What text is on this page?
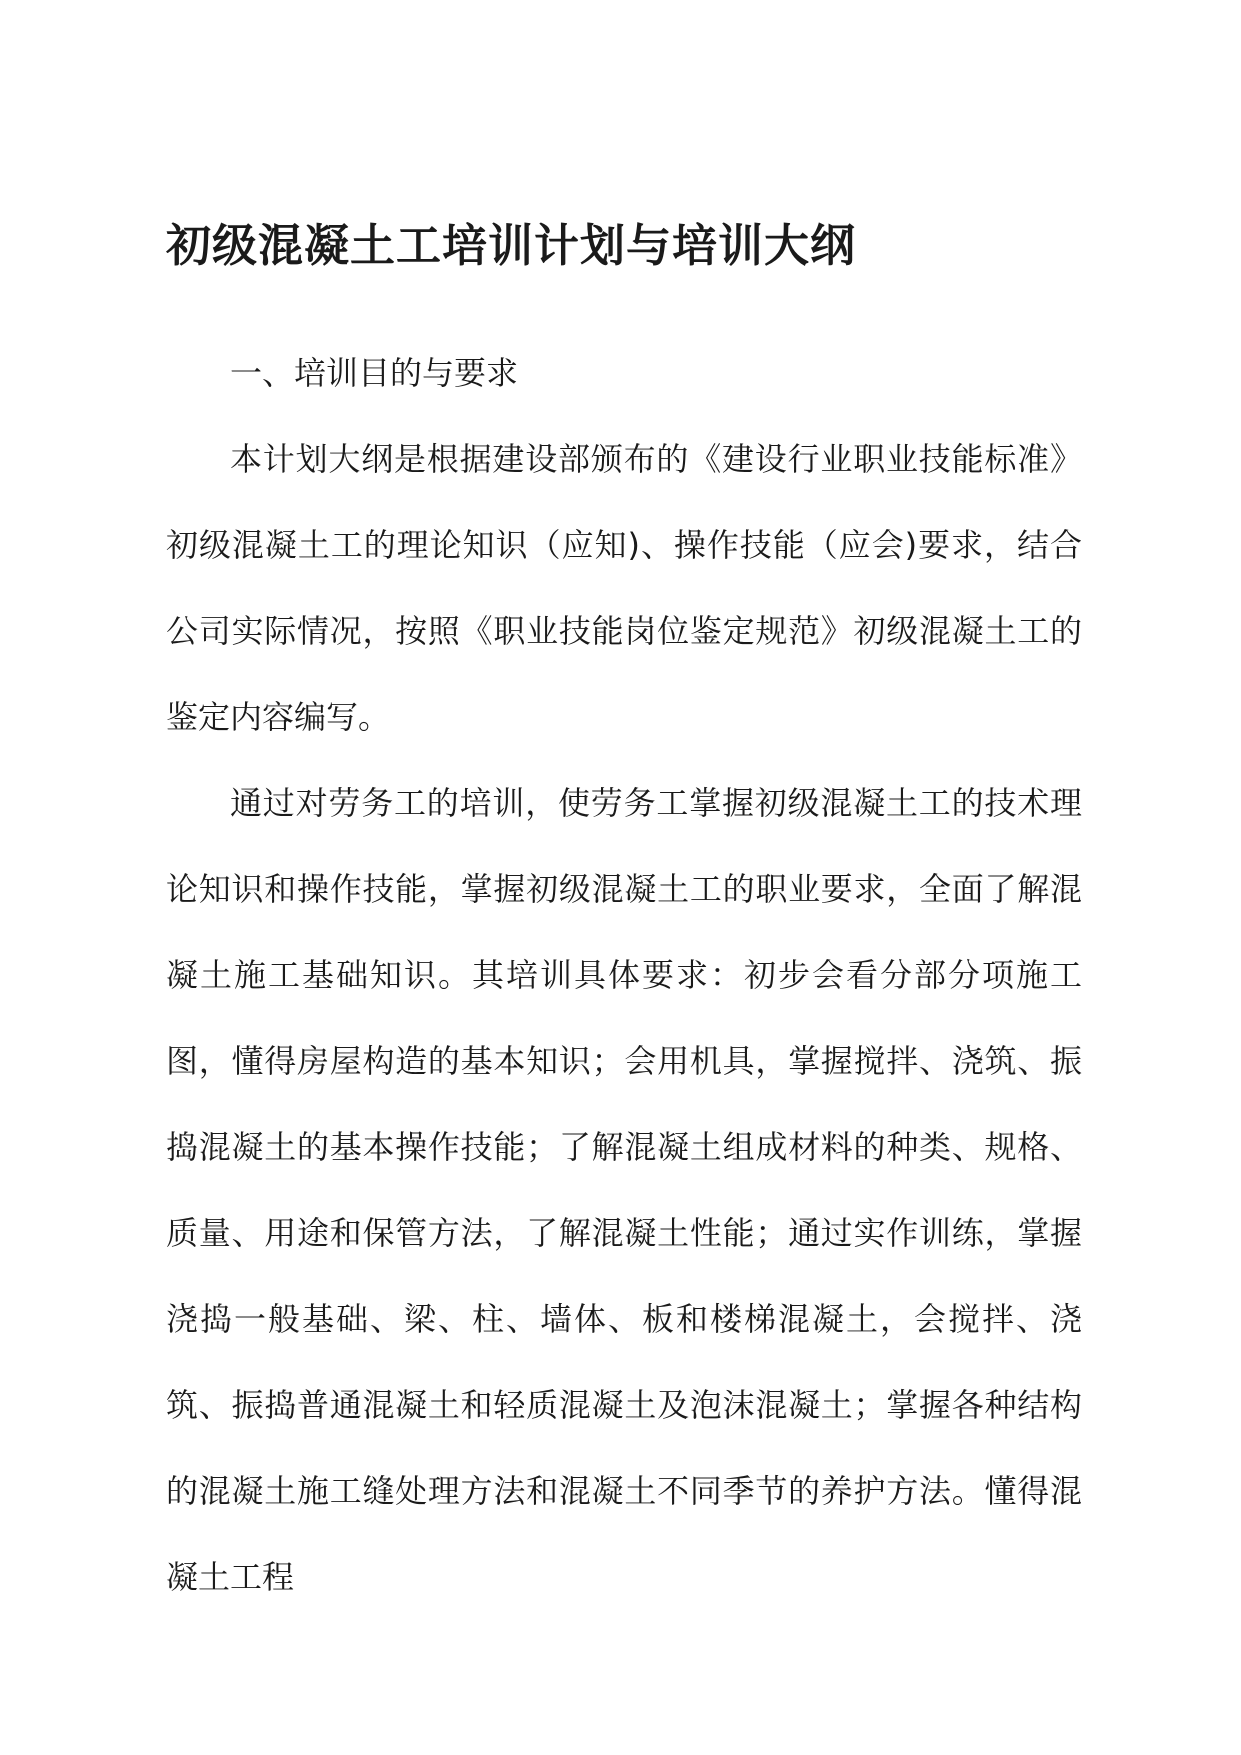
初级混凝土工培训计划与培训大纲
一、培训目的与要求

本计划大纲是根据建设部颁布的《建设行业职业技能标准》初级混凝土工的理论知识（应知)、操作技能（应会)要求，结合公司实际情况，按照《职业技能岗位鉴定规范》初级混凝土工的鉴定内容编写。

通过对劳务工的培训，使劳务工掌握初级混凝土工的技术理论知识和操作技能，掌握初级混凝土工的职业要求，全面了解混凝土施工基础知识。其培训具体要求：初步会看分部分项施工图，懂得房屋构造的基本知识；会用机具，掌握搅拌、浇筑、振捣混凝土的基本操作技能；了解混凝土组成材料的种类、规格、质量、用途和保管方法，了解混凝土性能；通过实作训练，掌握浇捣一般基础、梁、柱、墙体、板和楼梯混凝土，会搅拌、浇筑、振捣普通混凝土和轻质混凝土及泡沫混凝土；掌握各种结构的混凝土施工缝处理方法和混凝土不同季节的养护方法。懂得混凝土工程
